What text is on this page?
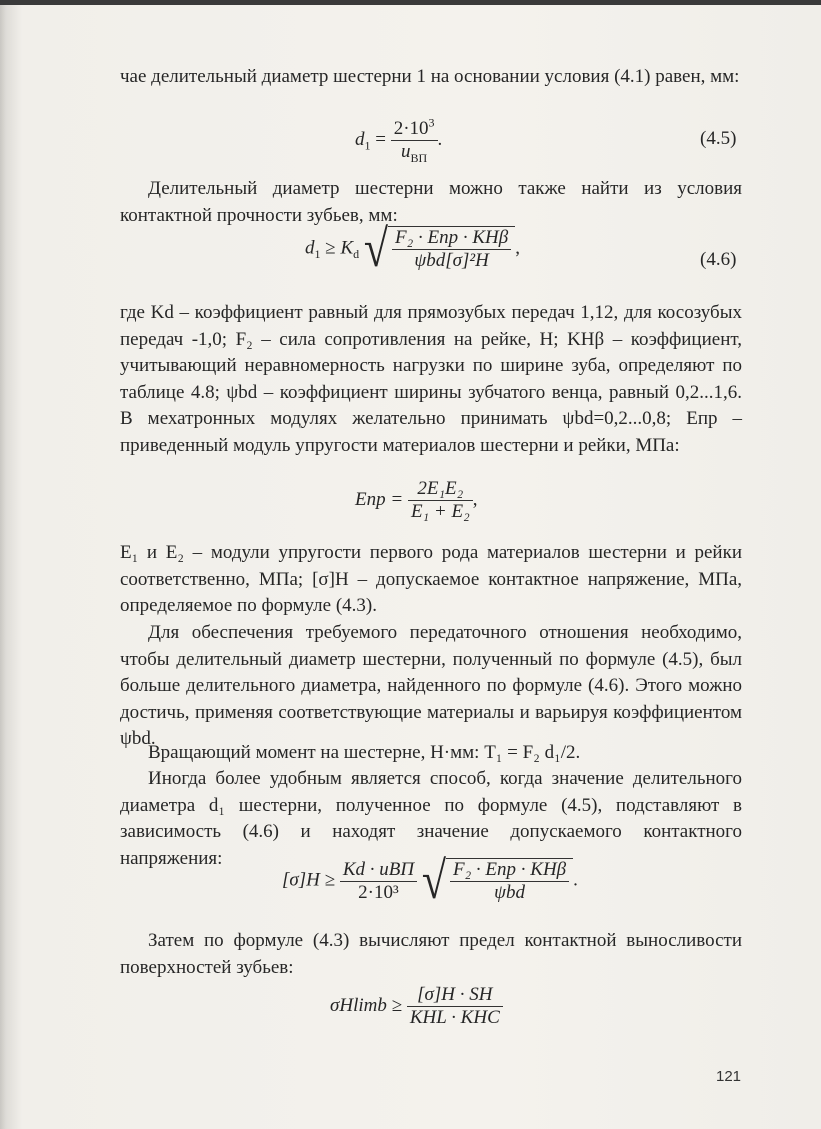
чае делительный диаметр шестерни 1 на основании условия (4.1) равен, мм:

$d_1 = \frac{2\cdot 10^3}{u_{ВП}}$ .	(4.5)

Делительный диаметр шестерни можно также найти из условия контактной прочности зубьев, мм:

$d_1 \ge K_d$ √ $\frac{\text{F₂ · Eпр · KHβ}}{\text{ψbd[σ]²H}}$ ,
(4.6)

где Kd – коэффициент равный для прямозубых передач 1,12, для косозубых передач -1,0; F₂ – сила сопротивления на рейке, Н; KHβ – коэффициент, учитывающий неравномерность нагрузки по ширине зуба, определяют по таблице 4.8; ψbd – коэффициент ширины зубчатого венца, равный 0,2...1,6. В мехатронных модулях желательно принимать ψbd=0,2...0,8; Eпр – приведенный модуль упругости материалов шестерни и рейки, МПа:

Eпр = $\frac{\text{2E₁E₂}}{\text{E₁ + E₂}}$ ,

E₁ и E₂ – модули упругости первого рода материалов шестерни и рейки соответственно, МПа; [σ]H – допускаемое контактное напряжение, МПа, определяемое по формуле (4.3).

Для обеспечения требуемого передаточного отношения необходимо, чтобы делительный диаметр шестерни, полученный по формуле (4.5), был больше делительного диаметра, найденного по формуле (4.6). Этого можно достичь, применяя соответствующие материалы и варьируя коэффициентом ψbd.

Вращающий момент на шестерне, Н·мм: T₁ = F₂ d₁/2.

Иногда более удобным является способ, когда значение делительного диаметра d₁ шестерни, полученное по формуле (4.5), подставляют в зависимость (4.6) и находят значение допускаемого контактного напряжения:

$[\sigma]H \ge \frac{\text{Kd · uВП}}{\text{2·10³}}$ √ $\frac{\text{F₂ · Eпр · KHβ}}{\text{ψbd}}$ .

Затем по формуле (4.3) вычисляют предел контактной выносливости поверхностей зубьев:

$\sigma Hlimb \ge \frac{[\sigma]H \cdot SH}{\text{KHL · KHC}}$
121
